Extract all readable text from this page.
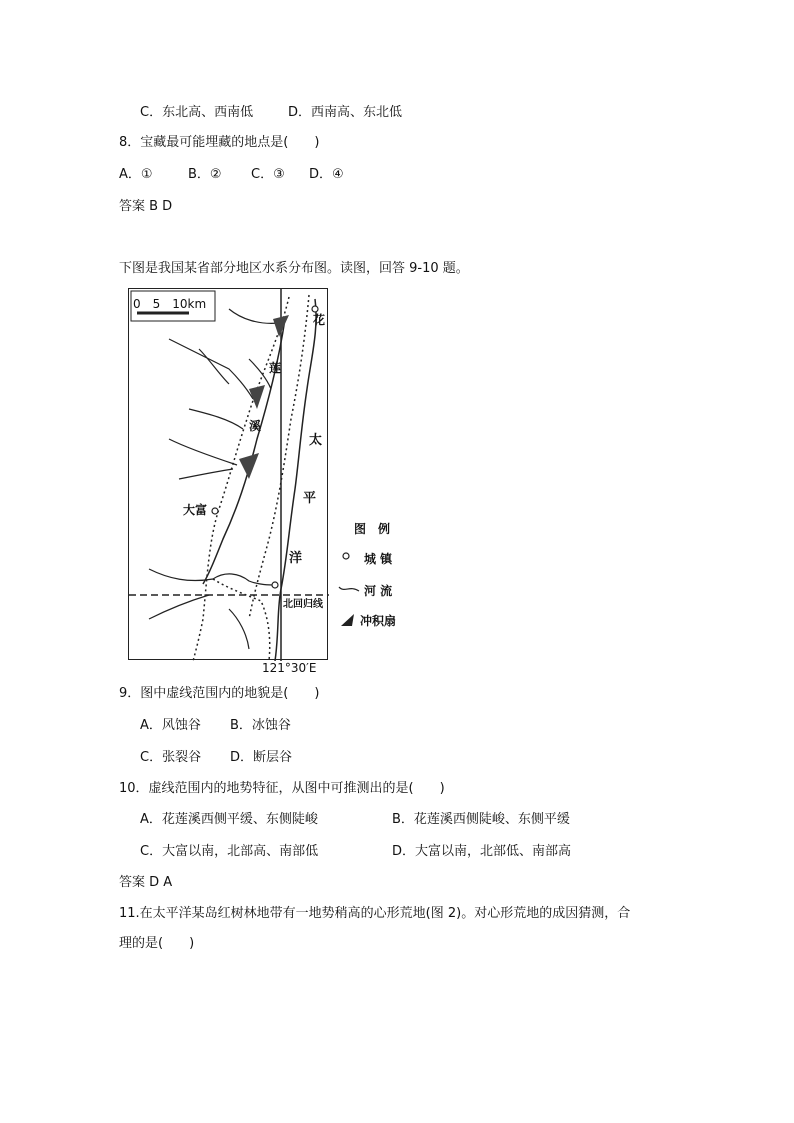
C．东北高、西南低	D．西南高、东北低
8．宝藏最可能埋藏的地点是(　　)
A．①	B．② C．③ D．④
答案 B D
下图是我国某省部分地区水系分布图。读图，回答 9-10 题。
0　5　10km
花
莲
溪
大富
太
平
洋
北回归线
121°30′E
图　例
城 镇
河 流
冲积扇
9．图中虚线范围内的地貌是(　　)
A．风蚀谷 B．冰蚀谷
C．张裂谷 D．断层谷
10．虚线范围内的地势特征，从图中可推测出的是(　　)
A．花莲溪西侧平缓、东侧陡峻	B．花莲溪西侧陡峻、东侧平缓
C．大富以南，北部高、南部低	D．大富以南，北部低、南部高
答案 D A
11.在太平洋某岛红树林地带有一地势稍高的心形荒地(图 2)。对心形荒地的成因猜测，合
理的是(　　)
